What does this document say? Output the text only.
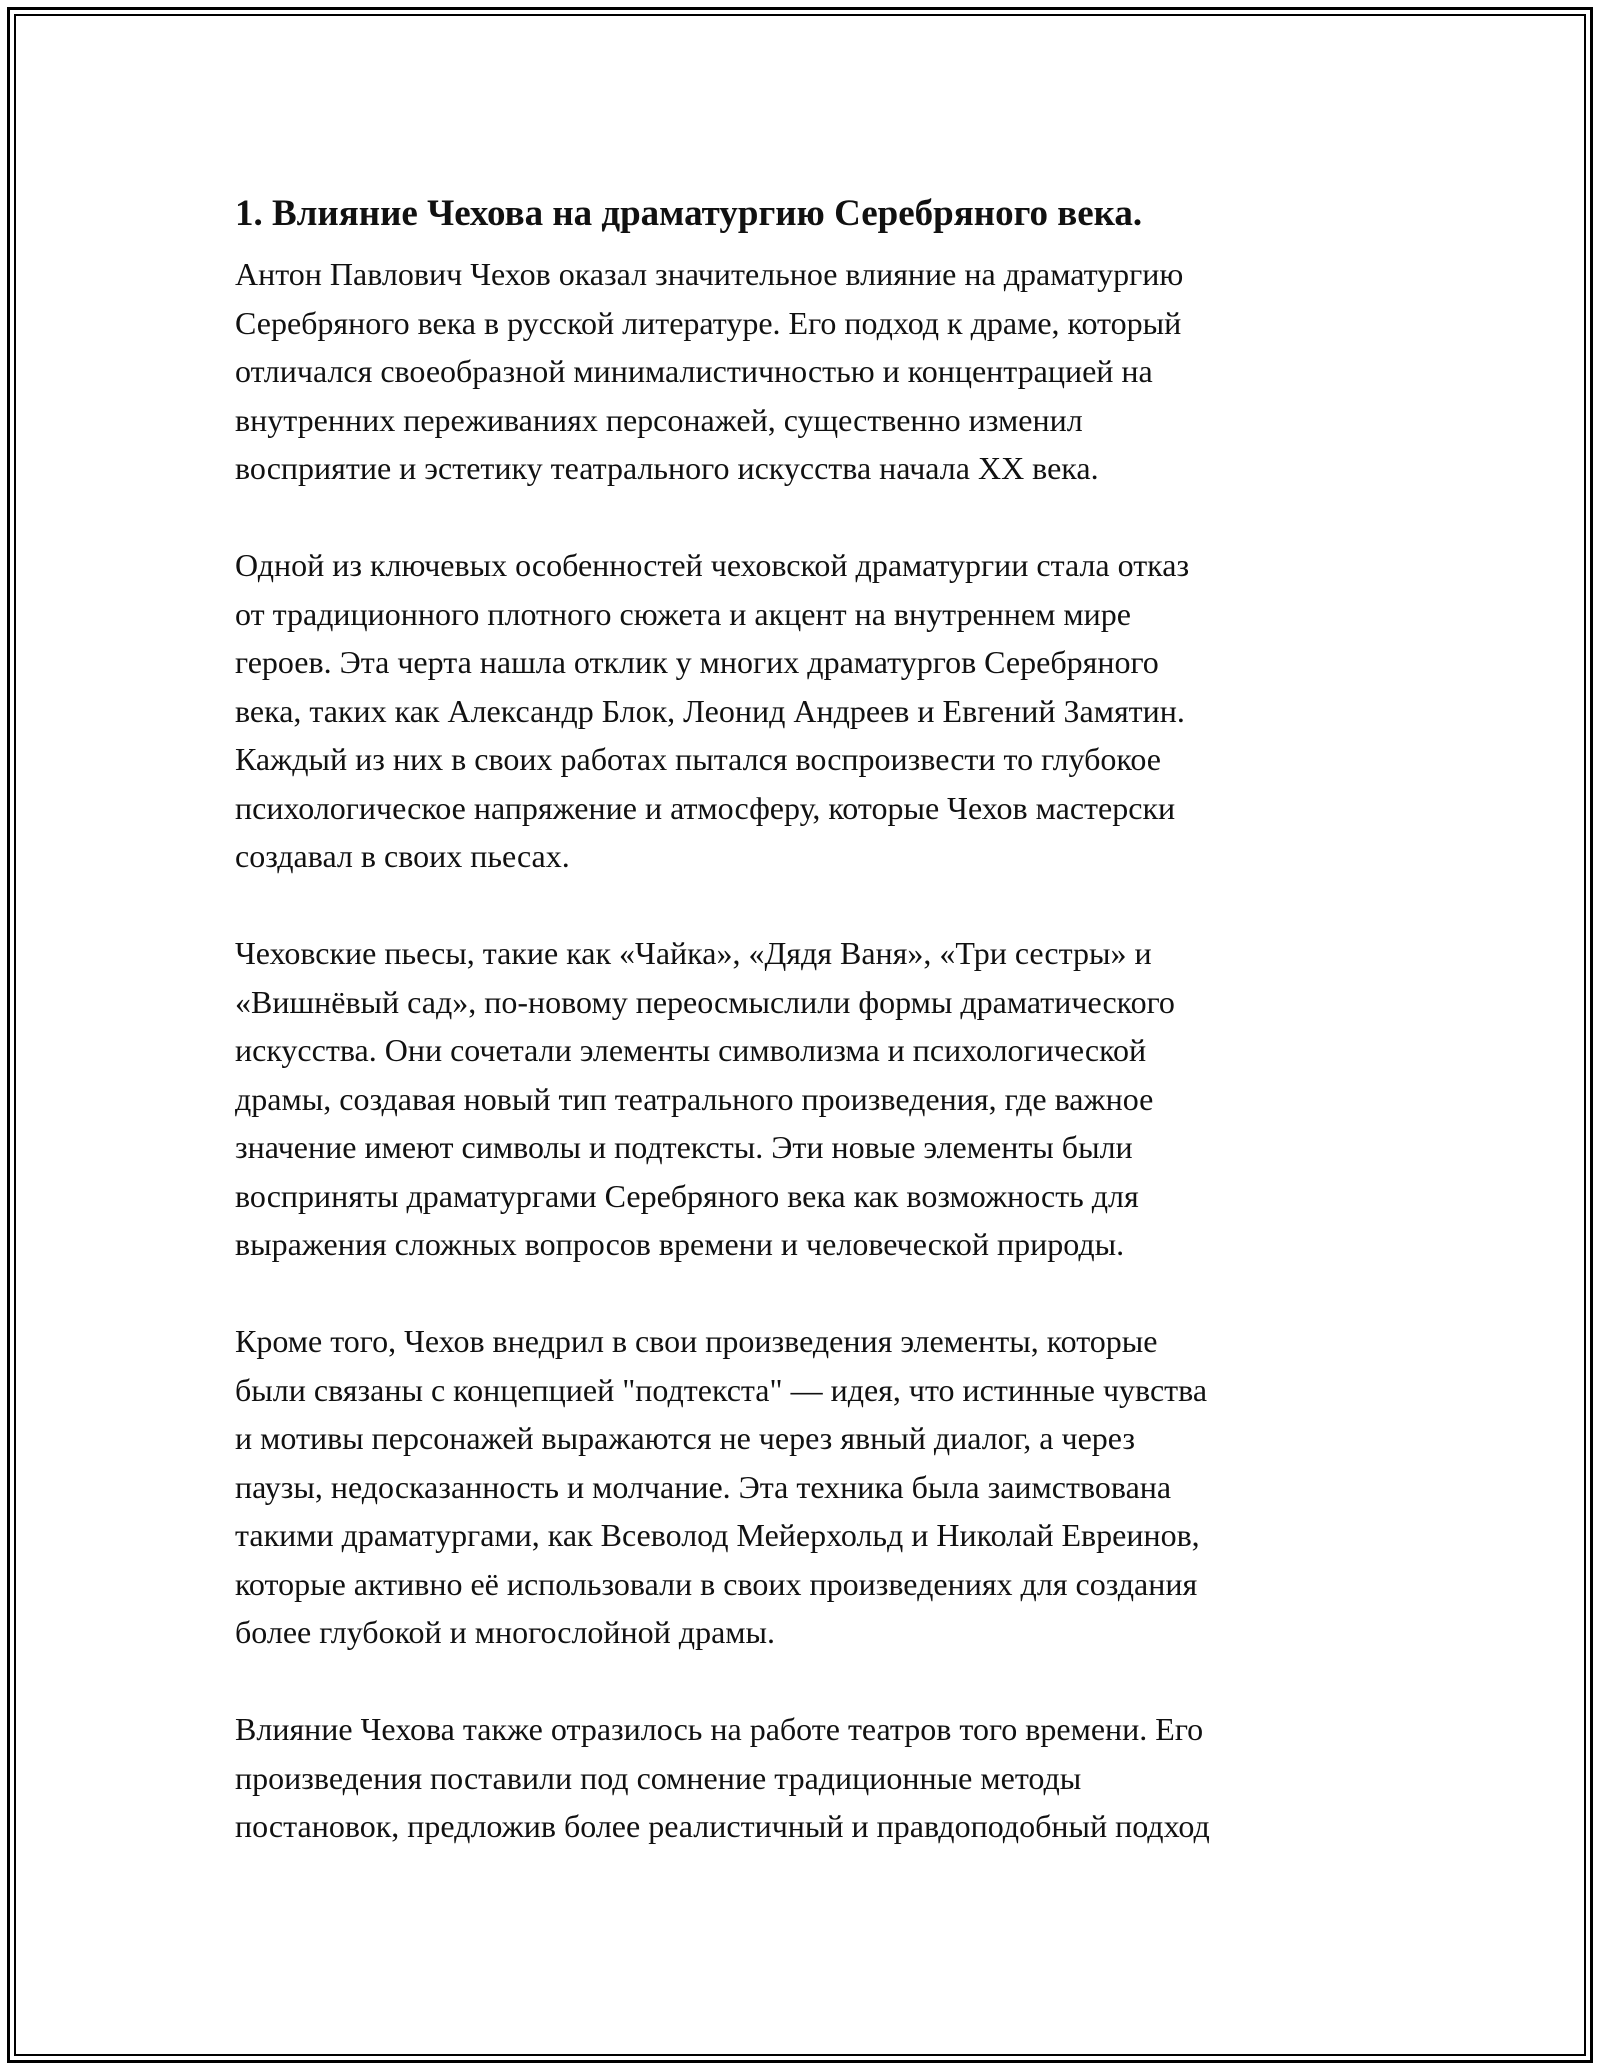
1. Влияние Чехова на драматургию Серебряного века.
Антон Павлович Чехов оказал значительное влияние на драматургию
Серебряного века в русской литературе. Его подход к драме, который
отличался своеобразной минималистичностью и концентрацией на
внутренних переживаниях персонажей, существенно изменил
восприятие и эстетику театрального искусства начала XX века.
Одной из ключевых особенностей чеховской драматургии стала отказ
от традиционного плотного сюжета и акцент на внутреннем мире
героев. Эта черта нашла отклик у многих драматургов Серебряного
века, таких как Александр Блок, Леонид Андреев и Евгений Замятин.
Каждый из них в своих работах пытался воспроизвести то глубокое
психологическое напряжение и атмосферу, которые Чехов мастерски
создавал в своих пьесах.
Чеховские пьесы, такие как «Чайка», «Дядя Ваня», «Три сестры» и
«Вишнёвый сад», по-новому переосмыслили формы драматического
искусства. Они сочетали элементы символизма и психологической
драмы, создавая новый тип театрального произведения, где важное
значение имеют символы и подтексты. Эти новые элементы были
восприняты драматургами Серебряного века как возможность для
выражения сложных вопросов времени и человеческой природы.
Кроме того, Чехов внедрил в свои произведения элементы, которые
были связаны с концепцией "подтекста" — идея, что истинные чувства
и мотивы персонажей выражаются не через явный диалог, а через
паузы, недосказанность и молчание. Эта техника была заимствована
такими драматургами, как Всеволод Мейерхольд и Николай Евреинов,
которые активно её использовали в своих произведениях для создания
более глубокой и многослойной драмы.
Влияние Чехова также отразилось на работе театров того времени. Его
произведения поставили под сомнение традиционные методы
постановок, предложив более реалистичный и правдоподобный подход
